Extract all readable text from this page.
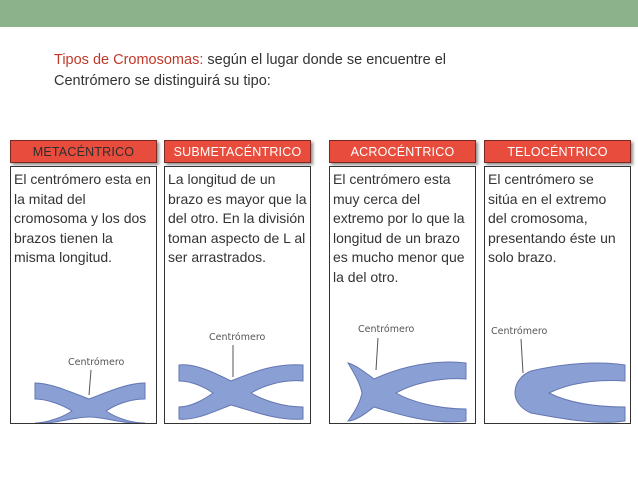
Tipos de Cromosomas: según el lugar donde se encuentre el
Centrómero se distinguirá su tipo:
METACÉNTRICO
El centrómero esta en la mitad del cromosoma y los dos brazos tienen la misma longitud.
Centrómero
SUBMETACÉNTRICO
La longitud de un brazo es mayor que la del otro. En la división toman aspecto de L al ser arrastrados.
Centrómero
ACROCÉNTRICO
El centrómero esta muy cerca del extremo por lo que la longitud de un brazo es mucho menor que la del otro.
Centrómero
TELOCÉNTRICO
El centrómero se sitúa en el extremo del cromosoma, presentando éste un solo brazo.
Centrómero
